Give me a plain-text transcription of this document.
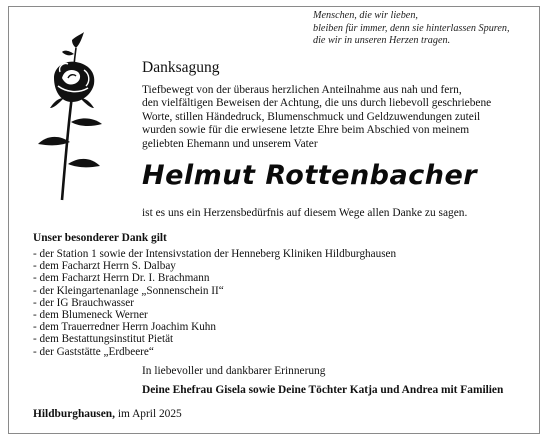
Menschen, die wir lieben,
bleiben für immer, denn sie hinterlassen Spuren,
die wir in unseren Herzen tragen.
Danksagung
Tiefbewegt von der überaus herzlichen Anteilnahme aus nah und fern,
den vielfältigen Beweisen der Achtung, die uns durch liebevoll geschriebene
Worte, stillen Händedruck, Blumenschmuck und Geldzuwendungen zuteil
wurden sowie für die erwiesene letzte Ehre beim Abschied von meinem
geliebten Ehemann und unserem Vater
Helmut Rottenbacher
ist es uns ein Herzensbedürfnis auf diesem Wege allen Danke zu sagen.
Unser besonderer Dank gilt
- der Station 1 sowie der Intensivstation der Henneberg Kliniken Hildburghausen
- dem Facharzt Herrn S. Dalbay
- dem Facharzt Herrn Dr. I. Brachmann
- der Kleingartenanlage „Sonnenschein II“
- der IG Brauchwasser
- dem Blumeneck Werner
- dem Trauerredner Herrn Joachim Kuhn
- dem Bestattungsinstitut Pietät
- der Gaststätte „Erdbeere“
In liebevoller und dankbarer Erinnerung
Deine Ehefrau Gisela sowie Deine Töchter Katja und Andrea mit Familien
Hildburghausen, im April 2025
